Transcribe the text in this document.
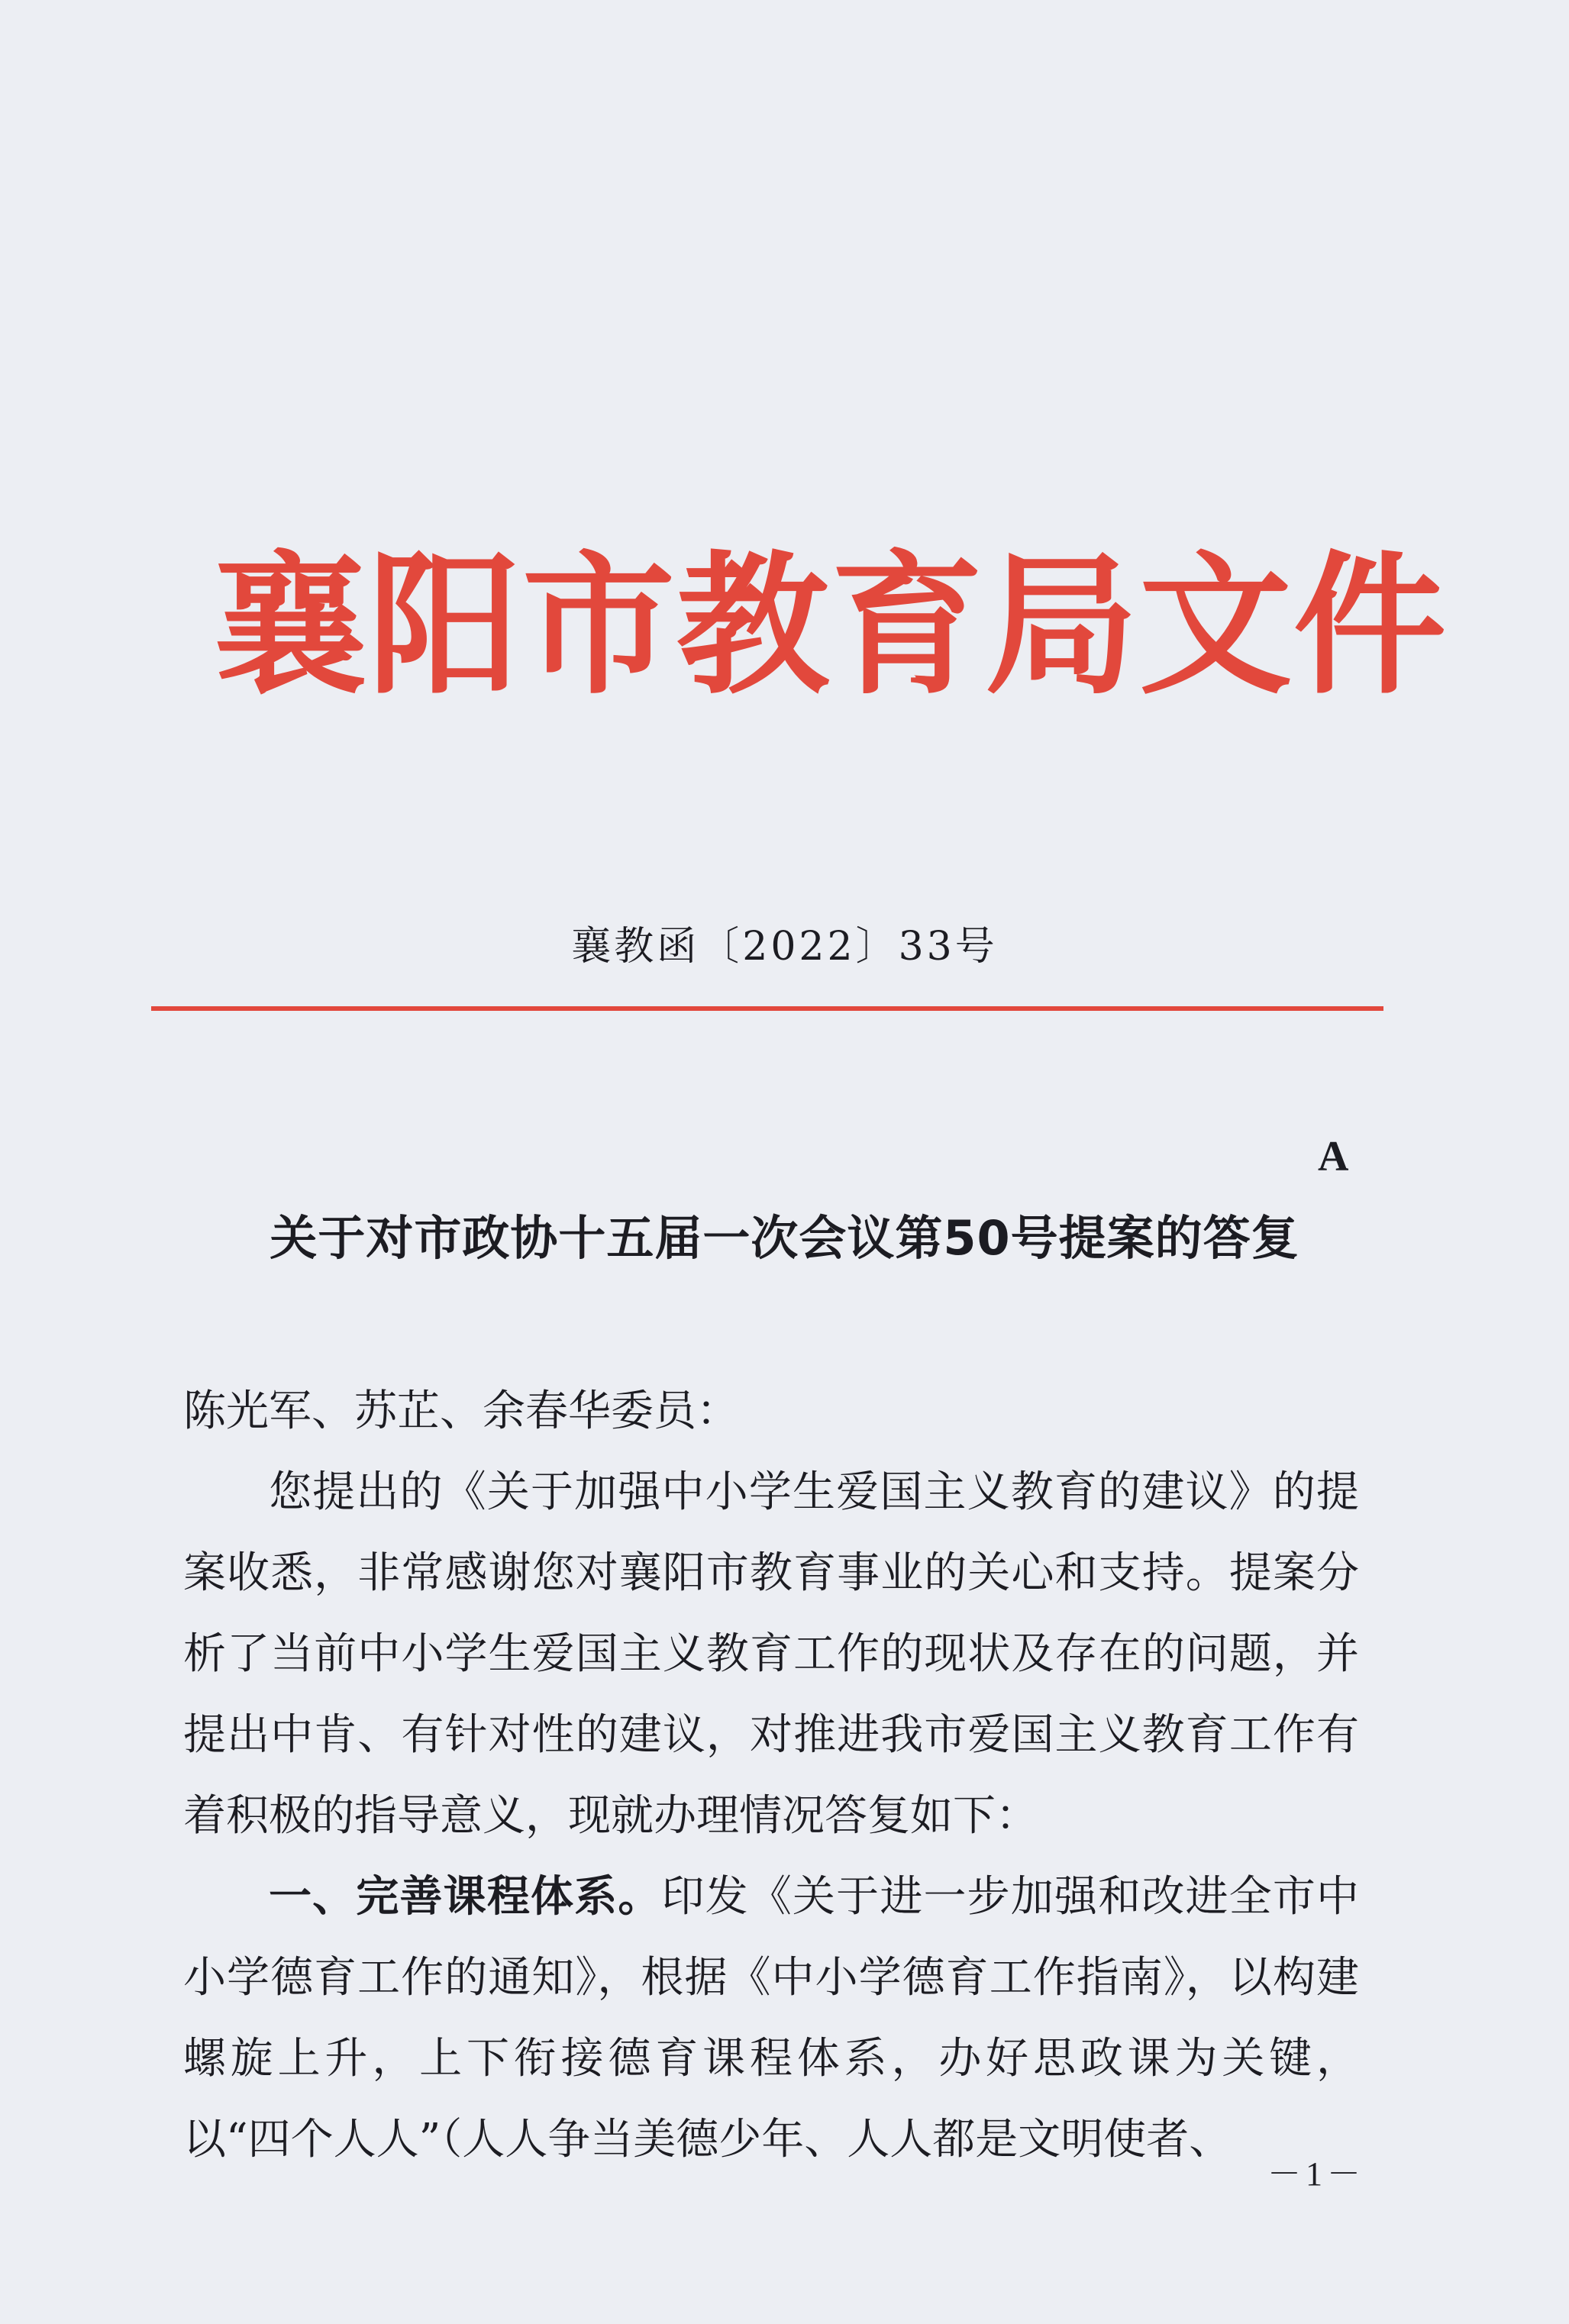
襄阳市教育局文件
襄教函〔2022〕33号
A
关于对市政协十五届一次会议第50号提案的答复
陈光军、苏芷、余春华委员：

您提出的《关于加强中小学生爱国主义教育的建议》的提案收悉，非常感谢您对襄阳市教育事业的关心和支持。提案分析了当前中小学生爱国主义教育工作的现状及存在的问题，并提出中肯、有针对性的建议，对推进我市爱国主义教育工作有着积极的指导意义，现就办理情况答复如下：

一、完善课程体系。印发《关于进一步加强和改进全市中小学德育工作的通知》，根据《中小学德育工作指南》，以构建螺旋上升，上下衔接德育课程体系，办好思政课为关键，以“四个人人”（人人争当美德少年、人人都是文明使者、

－1－
